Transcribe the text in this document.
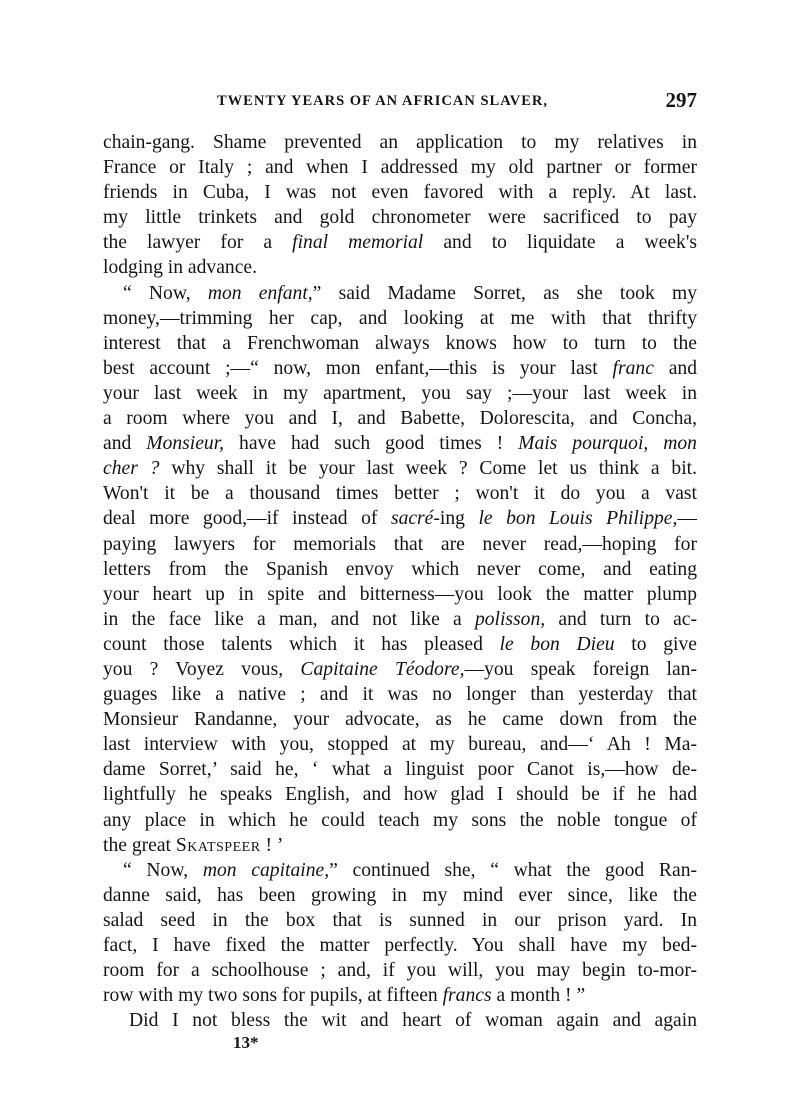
TWENTY YEARS OF AN AFRICAN SLAVER,	297
chain-gang. Shame prevented an application to my relatives in
France or Italy ; and when I addressed my old partner or former
friends in Cuba, I was not even favored with a reply. At last.
my little trinkets and gold chronometer were sacrificed to pay
the lawyer for a final memorial and to liquidate a week's
lodging in advance.
“ Now, mon enfant,” said Madame Sorret, as she took my
money,—trimming her cap, and looking at me with that thrifty
interest that a Frenchwoman always knows how to turn to the
best account ;—“ now, mon enfant,—this is your last franc and
your last week in my apartment, you say ;—your last week in
a room where you and I, and Babette, Dolorescita, and Concha,
and Monsieur, have had such good times ! Mais pourquoi, mon
cher ? why shall it be your last week ? Come let us think a bit.
Won't it be a thousand times better ; won't it do you a vast
deal more good,—if instead of sacré-ing le bon Louis Philippe,—
paying lawyers for memorials that are never read,—hoping for
letters from the Spanish envoy which never come, and eating
your heart up in spite and bitterness—you look the matter plump
in the face like a man, and not like a polisson, and turn to ac-
count those talents which it has pleased le bon Dieu to give
you ? Voyez vous, Capitaine Téodore,—you speak foreign lan-
guages like a native ; and it was no longer than yesterday that
Monsieur Randanne, your advocate, as he came down from the
last interview with you, stopped at my bureau, and—‘ Ah ! Ma-
dame Sorret,’ said he, ‘ what a linguist poor Canot is,—how de-
lightfully he speaks English, and how glad I should be if he had
any place in which he could teach my sons the noble tongue of
the great Skatspeer ! ’
“ Now, mon capitaine,” continued she, “ what the good Ran-
danne said, has been growing in my mind ever since, like the
salad seed in the box that is sunned in our prison yard. In
fact, I have fixed the matter perfectly. You shall have my bed-
room for a schoolhouse ; and, if you will, you may begin to-mor-
row with my two sons for pupils, at fifteen francs a month ! ”
Did I not bless the wit and heart of woman again and again
13*
